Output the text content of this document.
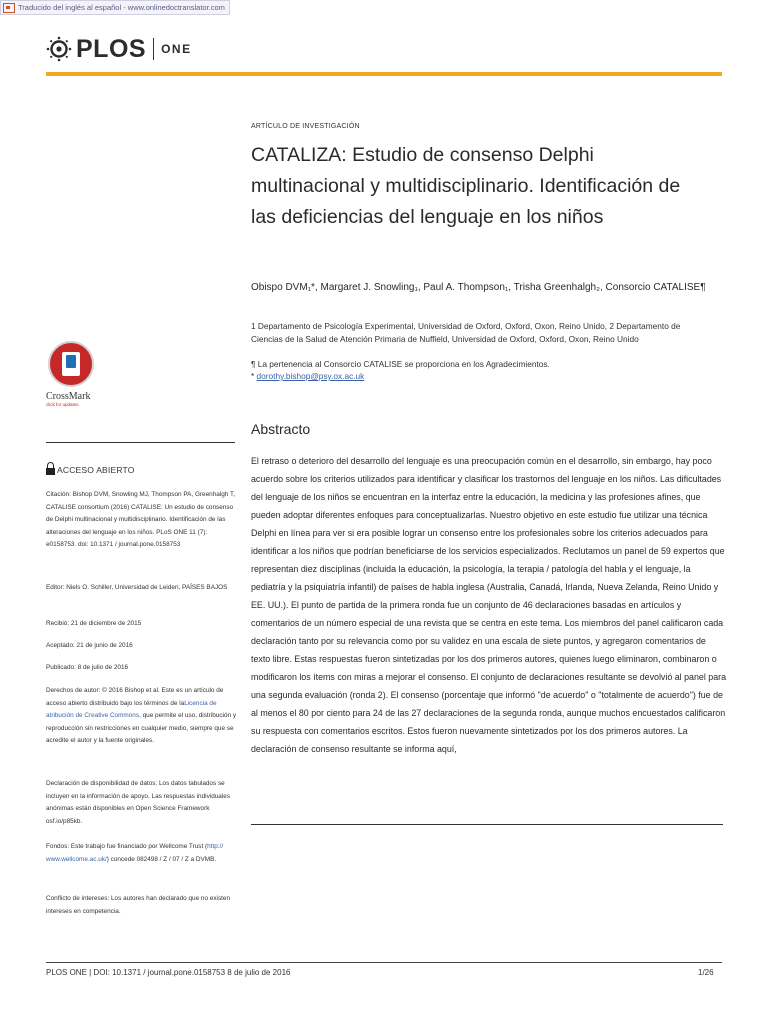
Traducido del inglés al español - www.onlinedoctranslator.com
PLOS ONE
ARTÍCULO DE INVESTIGACIÓN
CATALIZA: Estudio de consenso Delphi multinacional y multidisciplinario. Identificación de las deficiencias del lenguaje en los niños
Obispo DVM₁*, Margaret J. Snowling₁, Paul A. Thompson₁, Trisha Greenhalgh₂, Consorcio CATALISE¶
1 Departamento de Psicología Experimental, Universidad de Oxford, Oxford, Oxon, Reino Unido, 2 Departamento de Ciencias de la Salud de Atención Primaria de Nuffield, Universidad de Oxford, Oxford, Oxon, Reino Unido
¶ La pertenencia al Consorcio CATALISE se proporciona en los Agradecimientos.
* dorothy.bishop@psy.ox.ac.uk
CrossMark
click for updates
ACCESO ABIERTO
Citación: Bishop DVM, Snowling MJ, Thompson PA, Greenhalgh T, CATALISE consortium (2016) CATALISE: Un estudio de consenso de Delphi multinacional y multidisciplinario. Identificación de las alteraciones del lenguaje en los niños. PLoS ONE 11 (7): e0158753. doi: 10.1371 / journal.pone.0158753
Editor: Niels O. Schiller, Universidad de Leiden, PAÍSES BAJOS
Recibió: 21 de diciembre de 2015
Aceptado: 21 de junio de 2016
Publicado: 8 de julio de 2016
Derechos de autor: © 2016 Bishop et al. Este es un artículo de acceso abierto distribuido bajo los términos de laLicencia de atribución de Creative Commons, que permite el uso, distribución y reproducción sin restricciones en cualquier medio, siempre que se acredite el autor y la fuente originales.
Declaración de disponibilidad de datos: Los datos tabulados se incluyen en la información de apoyo. Las respuestas individuales anónimas están disponibles en Open Science Framework osf.io/p85kb.
Fondos: Este trabajo fue financiado por Wellcome Trust (http:// www.wellcome.ac.uk/) concede 082498 / Z / 07 / Z a DVMB.
Conflicto de intereses: Los autores han declarado que no existen intereses en competencia.
Abstracto
El retraso o deterioro del desarrollo del lenguaje es una preocupación común en el desarrollo, sin embargo, hay poco acuerdo sobre los criterios utilizados para identificar y clasificar los trastornos del lenguaje en los niños. Las dificultades del lenguaje de los niños se encuentran en la interfaz entre la educación, la medicina y las profesiones afines, que pueden adoptar diferentes enfoques para conceptualizarlas. Nuestro objetivo en este estudio fue utilizar una técnica Delphi en línea para ver si era posible lograr un consenso entre los profesionales sobre los criterios adecuados para identificar a los niños que podrían beneficiarse de los servicios especializados. Reclutamos un panel de 59 expertos que representan diez disciplinas (incluida la educación, la psicología, la terapia / patología del habla y el lenguaje, la pediatría y la psiquiatría infantil) de países de habla inglesa (Australia, Canadá, Irlanda, Nueva Zelanda, Reino Unido y EE. UU.). El punto de partida de la primera ronda fue un conjunto de 46 declaraciones basadas en artículos y comentarios de un número especial de una revista que se centra en este tema. Los miembros del panel calificaron cada declaración tanto por su relevancia como por su validez en una escala de siete puntos, y agregaron comentarios de texto libre. Estas respuestas fueron sintetizadas por los dos primeros autores, quienes luego eliminaron, combinaron o modificaron los ítems con miras a mejorar el consenso. El conjunto de declaraciones resultante se devolvió al panel para una segunda evaluación (ronda 2). El consenso (porcentaje que informó "de acuerdo" o "totalmente de acuerdo") fue de al menos el 80 por ciento para 24 de las 27 declaraciones de la segunda ronda, aunque muchos encuestados calificaron su respuesta con comentarios escritos. Estos fueron nuevamente sintetizados por los dos primeros autores. La declaración de consenso resultante se informa aquí,
PLOS ONE | DOI: 10.1371 / journal.pone.0158753 8 de julio de 2016	1/26
